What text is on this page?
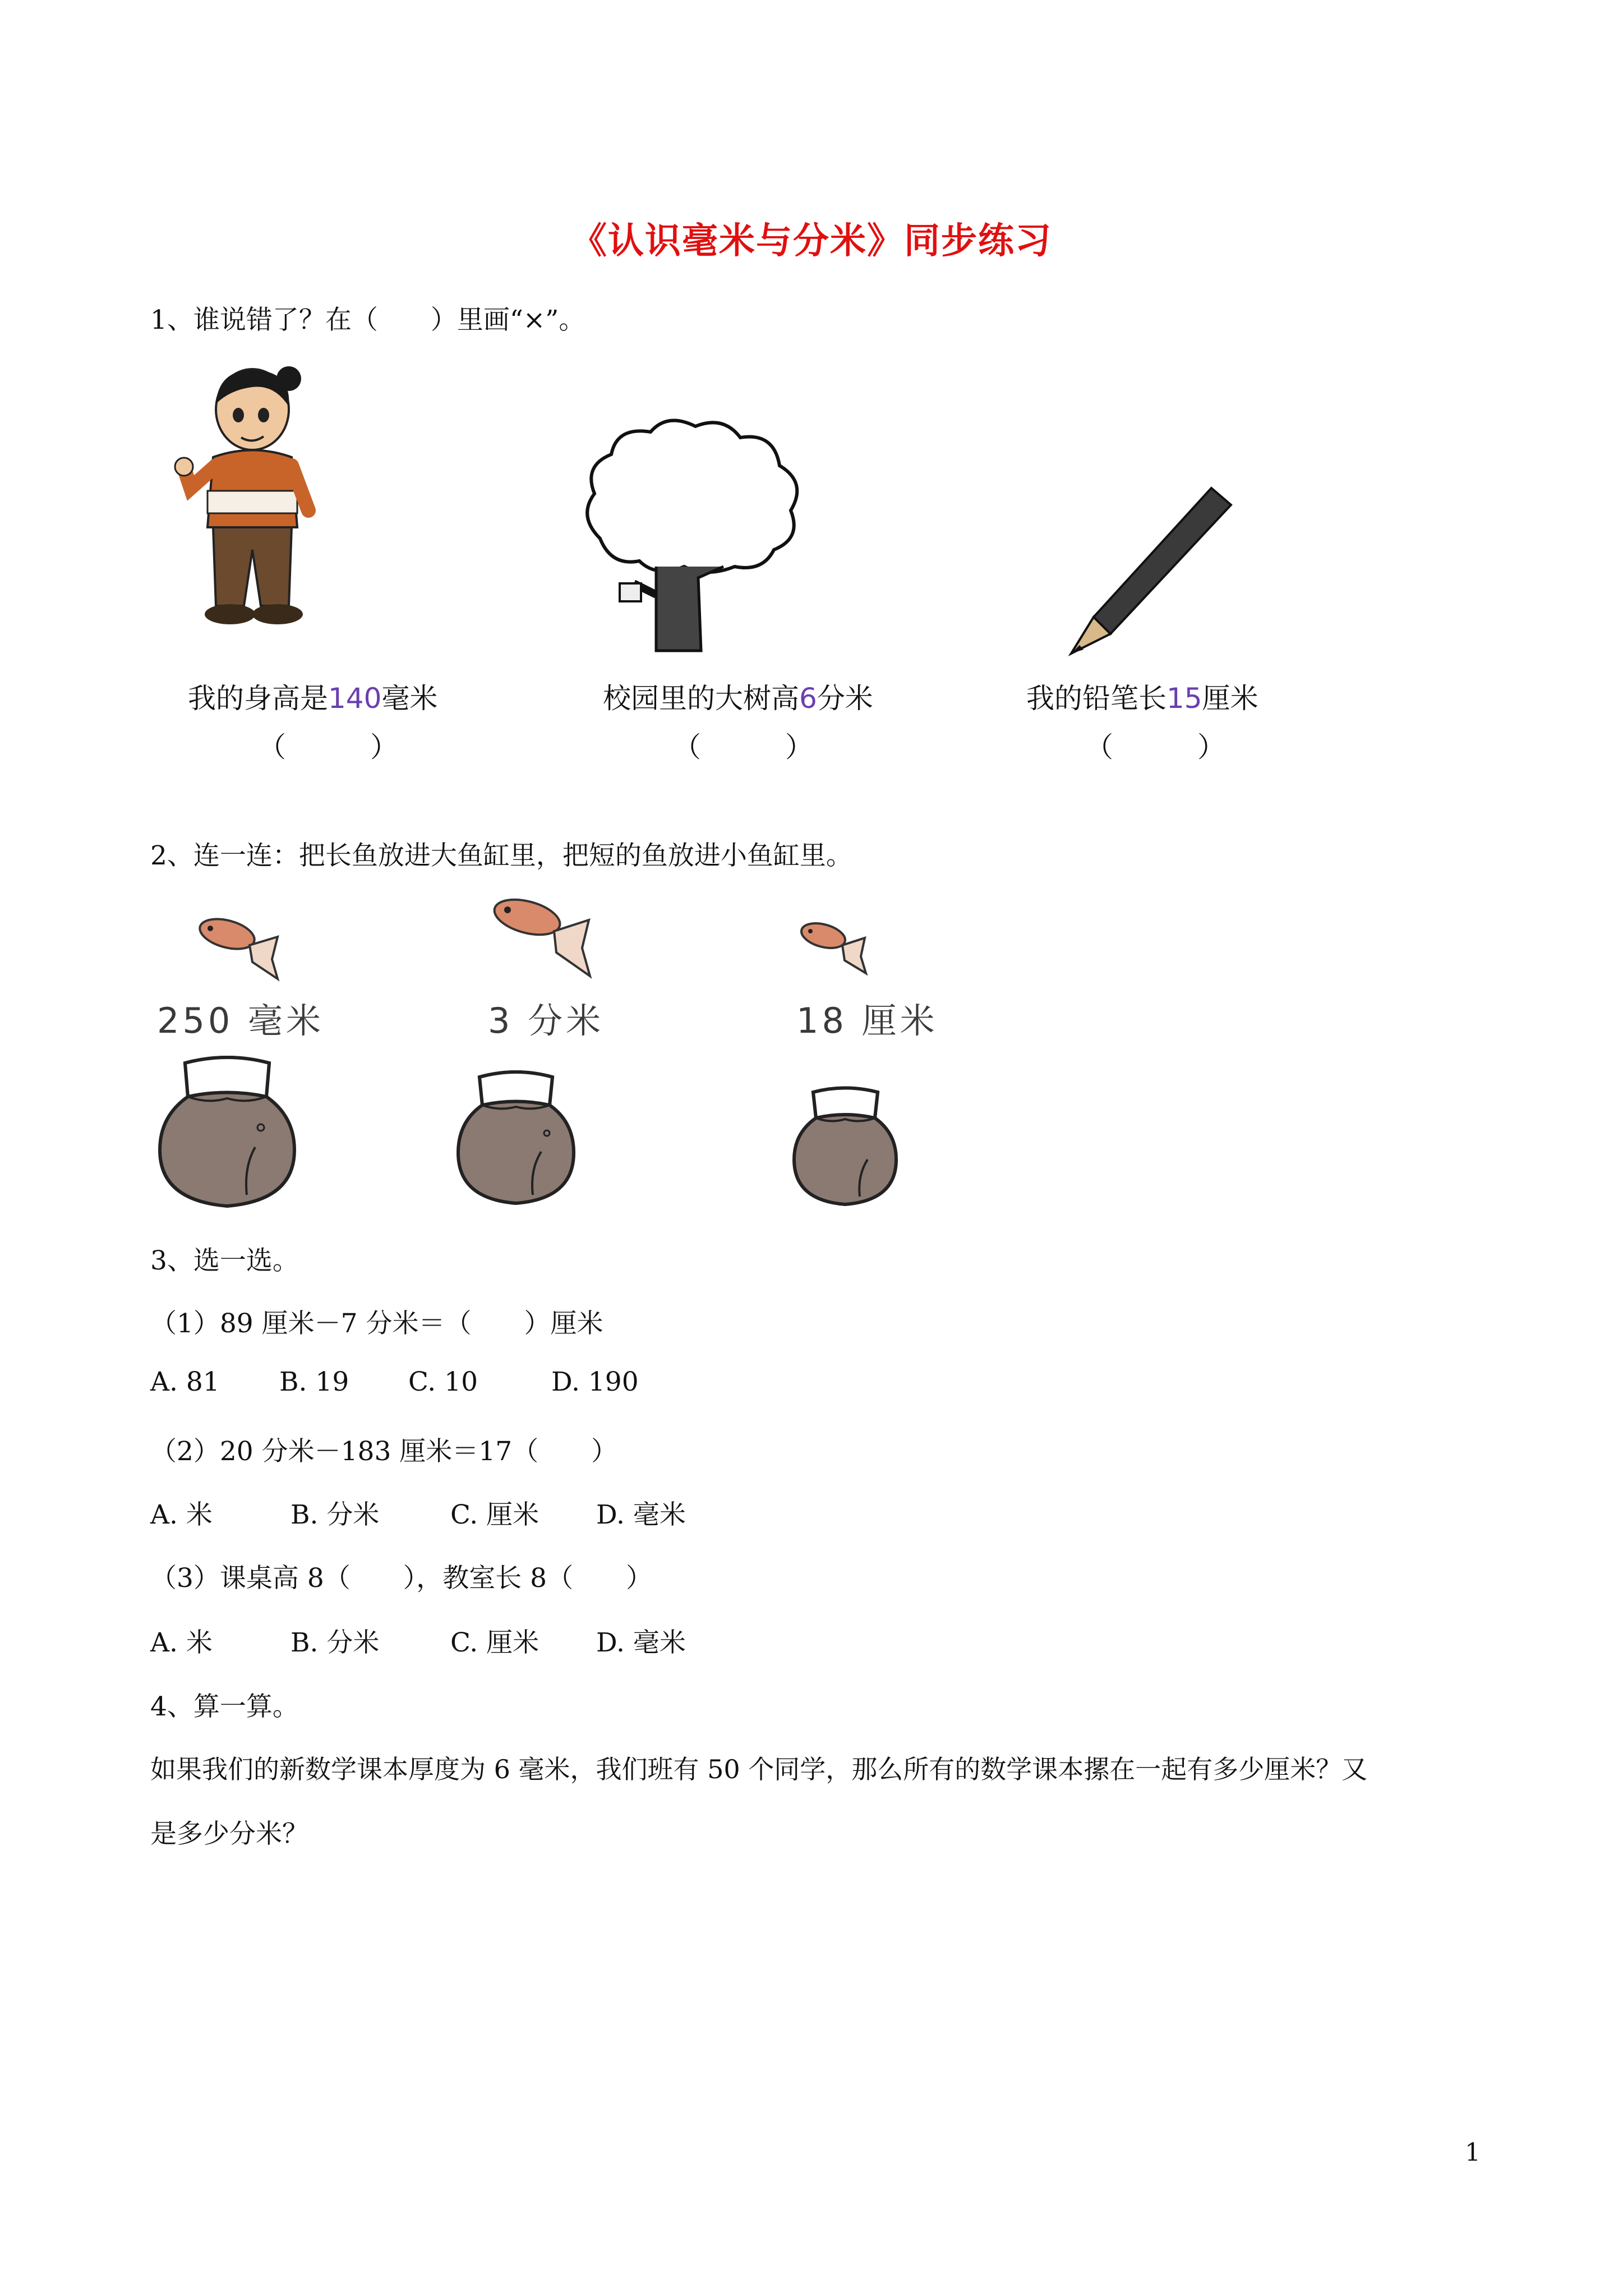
《认识毫米与分米》同步练习
1、谁说错了？在（　　）里画“×”。
我的身高是140毫米
（　　　）
校园里的大树高6分米
（　　　）
我的铅笔长15厘米
（　　　）
2、连一连：把长鱼放进大鱼缸里，把短的鱼放进小鱼缸里。
250 毫米	3 分米	18 厘米
3、选一选。
（1）89 厘米－7 分米＝（　　）厘米
A. 81 B. 19 C. 10	D. 190
（2）20 分米－183 厘米＝17（　　）
A. 米	B. 分米	C. 厘米 D. 毫米
（3）课桌高 8（　　），教室长 8（　　）
A. 米	B. 分米	C. 厘米 D. 毫米
4、算一算。
如果我们的新数学课本厚度为 6 毫米，我们班有 50 个同学，那么所有的数学课本摞在一起有多少厘米？又
是多少分米？
1
